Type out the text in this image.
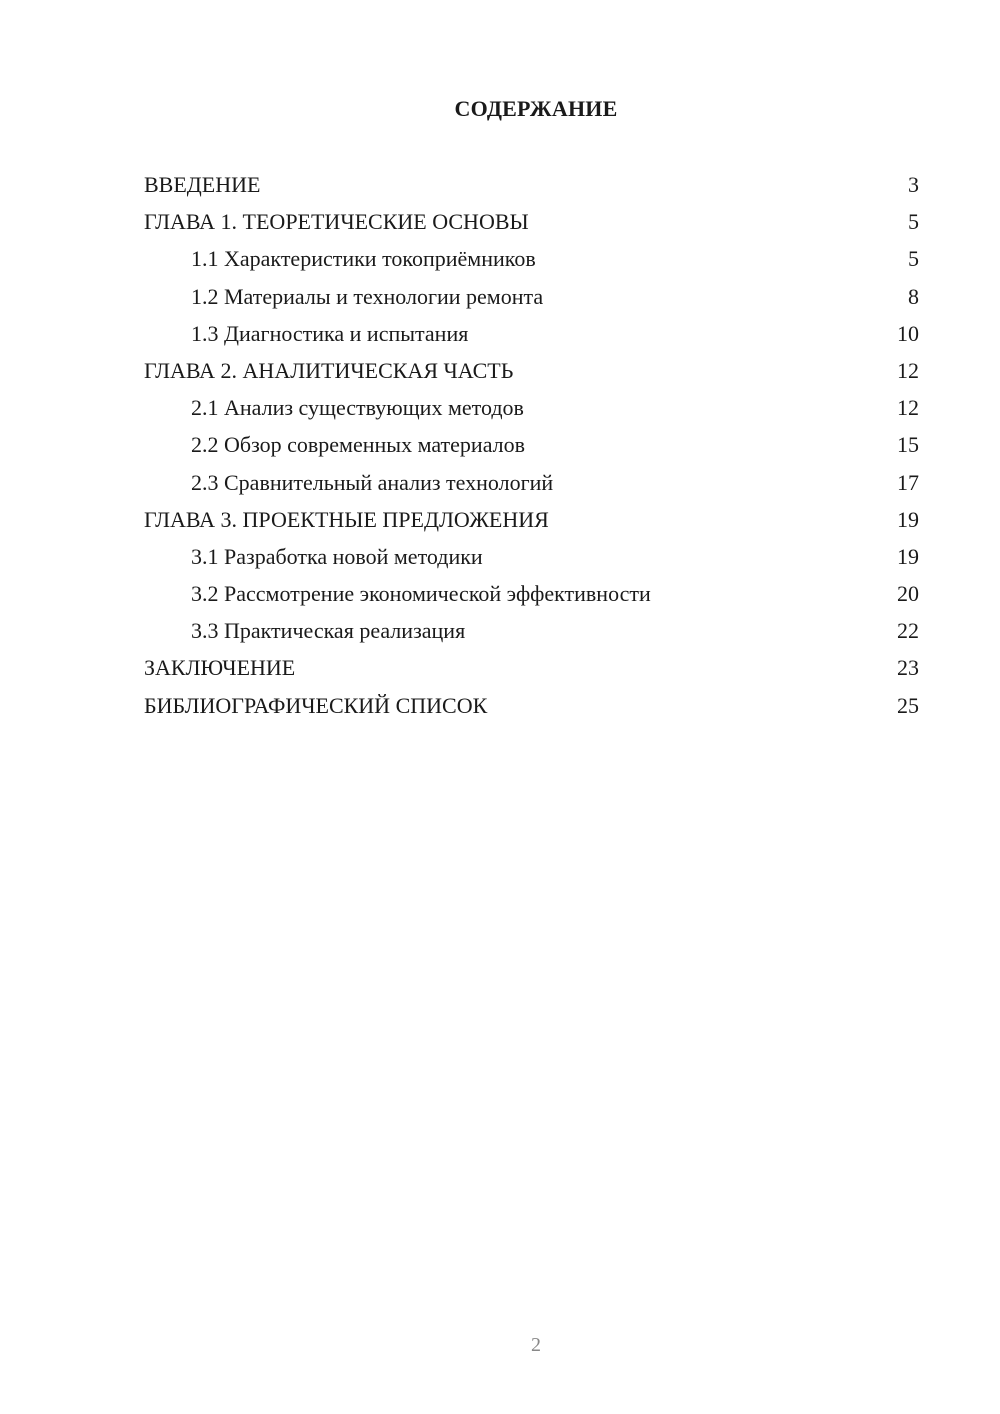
СОДЕРЖАНИЕ
ВВЕДЕНИЕ	3
ГЛАВА 1. ТЕОРЕТИЧЕСКИЕ ОСНОВЫ	5
1.1 Характеристики токоприёмников	5
1.2 Материалы и технологии ремонта	8
1.3 Диагностика и испытания	10
ГЛАВА 2. АНАЛИТИЧЕСКАЯ ЧАСТЬ	12
2.1 Анализ существующих методов	12
2.2 Обзор современных материалов	15
2.3 Сравнительный анализ технологий	17
ГЛАВА 3. ПРОЕКТНЫЕ ПРЕДЛОЖЕНИЯ	19
3.1 Разработка новой методики	19
3.2 Рассмотрение экономической эффективности	20
3.3 Практическая реализация	22
ЗАКЛЮЧЕНИЕ	23
БИБЛИОГРАФИЧЕСКИЙ СПИСОК	25
2
